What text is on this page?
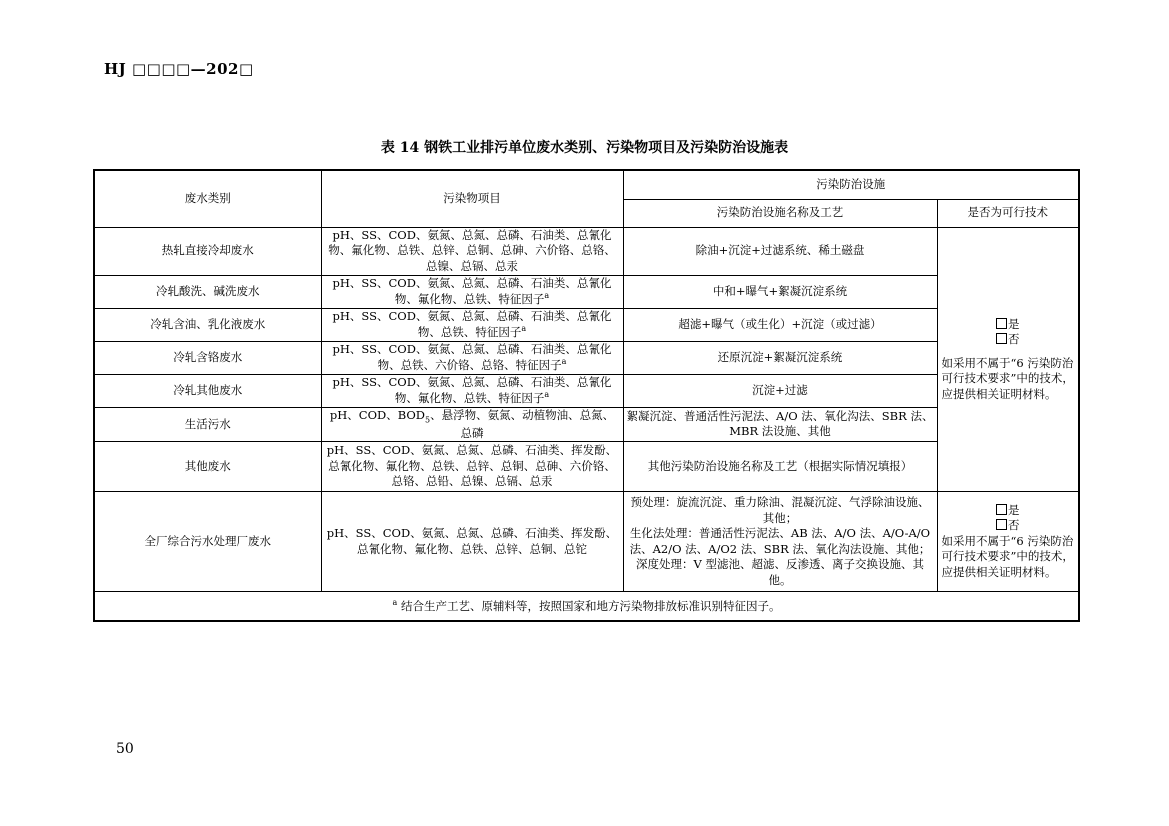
HJ □□□□—202□
表 14 钢铁工业排污单位废水类别、污染物项目及污染防治设施表
废水类别	污染物项目	污染防治设施	
		污染防治设施名称及工艺	是否为可行技术
热轧直接冷却废水	pH、SS、COD、氨氮、总氮、总磷、石油类、总氰化物、氟化物、总铁、总锌、总铜、总砷、六价铬、总铬、总镍、总镉、总汞	除油+沉淀+过滤系统、稀土磁盘	是
否
如采用不属于“6 污染防治可行技术要求”中的技术，应提供相关证明材料。

冷轧酸洗、碱洗废水	pH、SS、COD、氨氮、总氮、总磷、石油类、总氰化物、氟化物、总铁、特征因子$^a$	中和+曝气+絮凝沉淀系统	
冷轧含油、乳化液废水	pH、SS、COD、氨氮、总氮、总磷、石油类、总氰化物、总铁、特征因子$^a$	超滤+曝气（或生化）+沉淀（或过滤）	
冷轧含铬废水	pH、SS、COD、氨氮、总氮、总磷、石油类、总氰化物、总铁、六价铬、总铬、特征因子$^a$	还原沉淀+絮凝沉淀系统	
冷轧其他废水	pH、SS、COD、氨氮、总氮、总磷、石油类、总氰化物、氟化物、总铁、特征因子$^a$	沉淀+过滤	
生活污水	pH、COD、$BOD_5$、悬浮物、氨氮、动植物油、总氮、总磷	絮凝沉淀、普通活性污泥法、A/O 法、氧化沟法、SBR 法、MBR 法设施、其他	
其他废水	pH、SS、COD、氨氮、总氮、总磷、石油类、挥发酚、总氰化物、氟化物、总铁、总锌、总铜、总砷、六价铬、总铬、总铅、总镍、总镉、总汞	其他污染防治设施名称及工艺（根据实际情况填报）	
全厂综合污水处理厂废水	pH、SS、COD、氨氮、总氮、总磷、石油类、挥发酚、总氰化物、氟化物、总铁、总锌、总铜、总铊	预处理：旋流沉淀、重力除油、混凝沉淀、气浮除油设施、其他；
生化法处理：普通活性污泥法、AB 法、A/O 法、A/O-A/O 法、A2/O 法、A/O2 法、SBR 法、氧化沟法设施、其他；
深度处理：V 型滤池、超滤、反渗透、离子交换设施、其他。	是
否
如采用不属于“6 污染防治可行技术要求”中的技术，应提供相关证明材料。

$^a$ 结合生产工艺、原辅料等，按照国家和地方污染物排放标准识别特征因子。			
50
